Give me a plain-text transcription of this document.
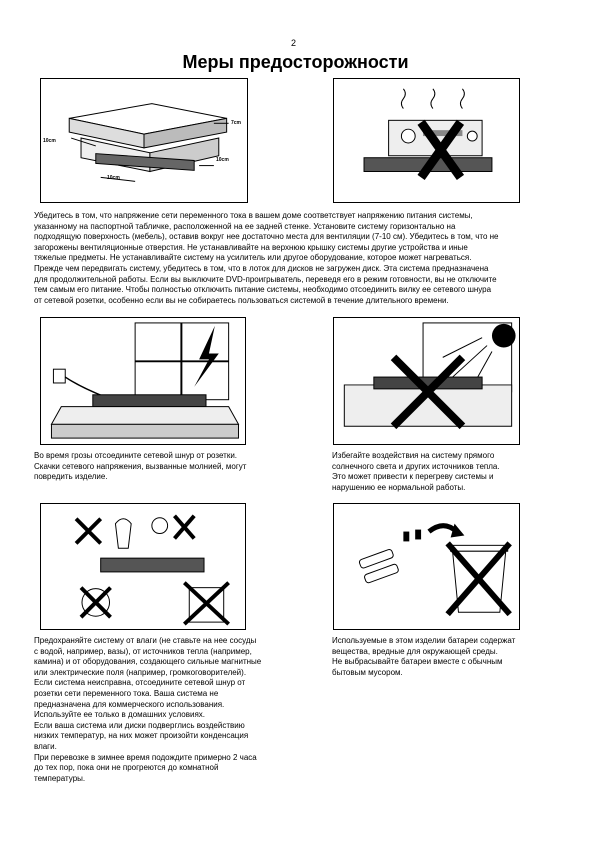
2
Меры предосторожности
10cm
7cm
10cm
10cm
Убедитесь в том, что напряжение сети переменного тока в вашем доме соответствует напряжению питания системы,
указанному на паспортной табличке, расположенной на ее задней стенке. Установите систему горизонтально на
подходящую поверхность (мебель), оставив вокруг нее достаточно места для вентиляции (7-10 см). Убедитесь в том, что не
загорожены вентиляционные отверстия. Не устанавливайте на верхнюю крышку системы другие устройства и иные
тяжелые предметы. Не устанавливайте систему на усилитель или другое оборудование, которое может нагреваться.
Прежде чем передвигать систему, убедитесь в том, что в лоток для дисков не загружен диск. Эта система предназначена
для продолжительной работы. Если вы выключите DVD-проигрыватель, переведя его в режим готовности, вы не отключите
тем самым его питание. Чтобы полностью отключить питание системы, необходимо отсоединить вилку ее сетевого шнура
от сетевой розетки, особенно если вы не собираетесь пользоваться системой в течение длительного времени.
Во время грозы отсоедините сетевой шнур от розетки.
Скачки сетевого напряжения, вызванные молнией, могут
повредить изделие.
Избегайте воздействия на систему прямого
солнечного света и других источников тепла.
Это может привести к перегреву системы и
нарушению ее нормальной работы.
Предохраняйте систему от влаги (не ставьте на нее сосуды
с водой, например, вазы), от источников тепла (например,
камина) и от оборудования, создающего сильные магнитные
или электрические поля (например, громкоговорителей).
Если система неисправна, отсоедините сетевой шнур от
розетки сети переменного тока. Ваша система не
предназначена для коммерческого использования.
Используйте ее только в домашних условиях.
Если ваша система или диски подверглись воздействию
низких температур, на них может произойти конденсация
влаги.
При перевозке в зимнее время подождите примерно 2 часа
до тех пор, пока они не прогреются до комнатной
температуры.
Используемые в этом изделии батареи содержат
вещества, вредные для окружающей среды.
Не выбрасывайте батареи вместе с обычным
бытовым мусором.
